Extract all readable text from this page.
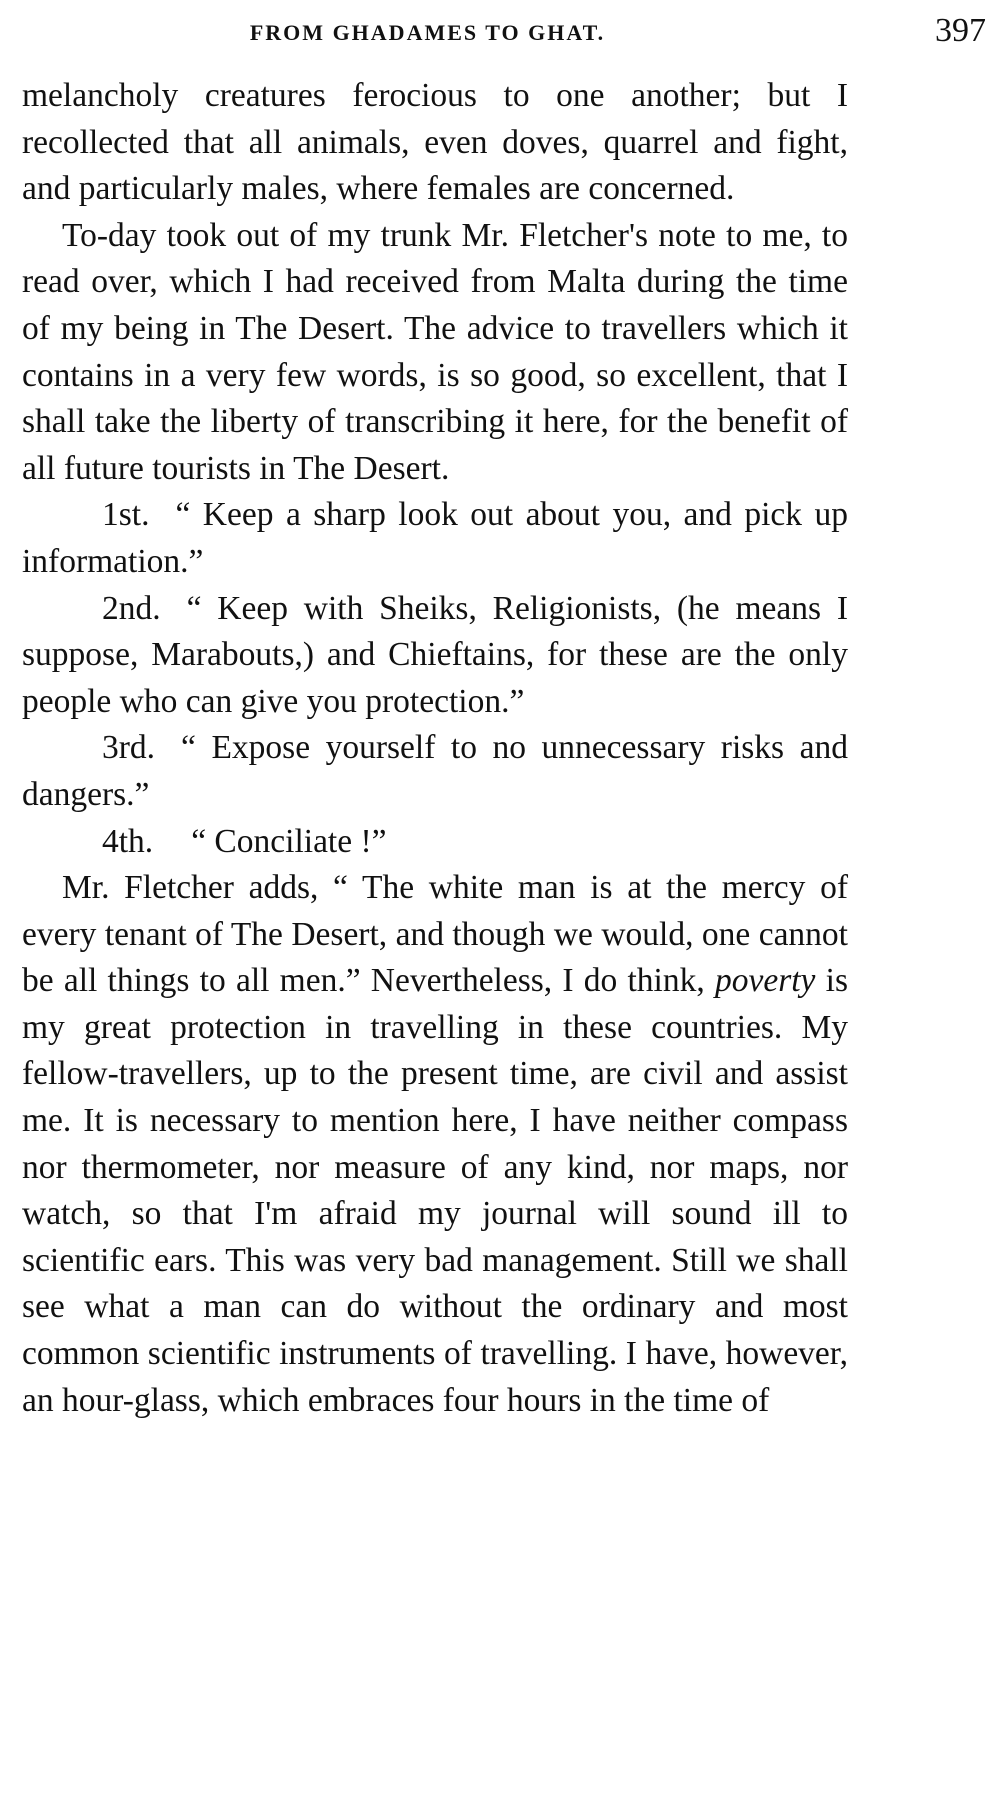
FROM GHADAMES TO GHAT.	397

melancholy creatures ferocious to one another; but I recollected that all animals, even doves, quarrel and fight, and particularly males, where females are concerned.

To-day took out of my trunk Mr. Fletcher's note to me, to read over, which I had received from Malta during the time of my being in The Desert. The advice to travellers which it contains in a very few words, is so good, so excellent, that I shall take the liberty of transcribing it here, for the benefit of all future tourists in The Desert.

1st. “ Keep a sharp look out about you, and pick up information.”

2nd. “ Keep with Sheiks, Religionists, (he means I suppose, Marabouts,) and Chieftains, for these are the only people who can give you protection.”

3rd. “ Expose yourself to no unnecessary risks and dangers.”

4th. “ Conciliate !”

Mr. Fletcher adds, “ The white man is at the mercy of every tenant of The Desert, and though we would, one cannot be all things to all men.” Nevertheless, I do think, poverty is my great protection in travelling in these countries. My fellow-travellers, up to the present time, are civil and assist me. It is necessary to mention here, I have neither compass nor thermometer, nor measure of any kind, nor maps, nor watch, so that I'm afraid my journal will sound ill to scientific ears. This was very bad management. Still we shall see what a man can do without the ordinary and most common scientific instruments of travelling. I have, however, an hour-glass, which embraces four hours in the time of
